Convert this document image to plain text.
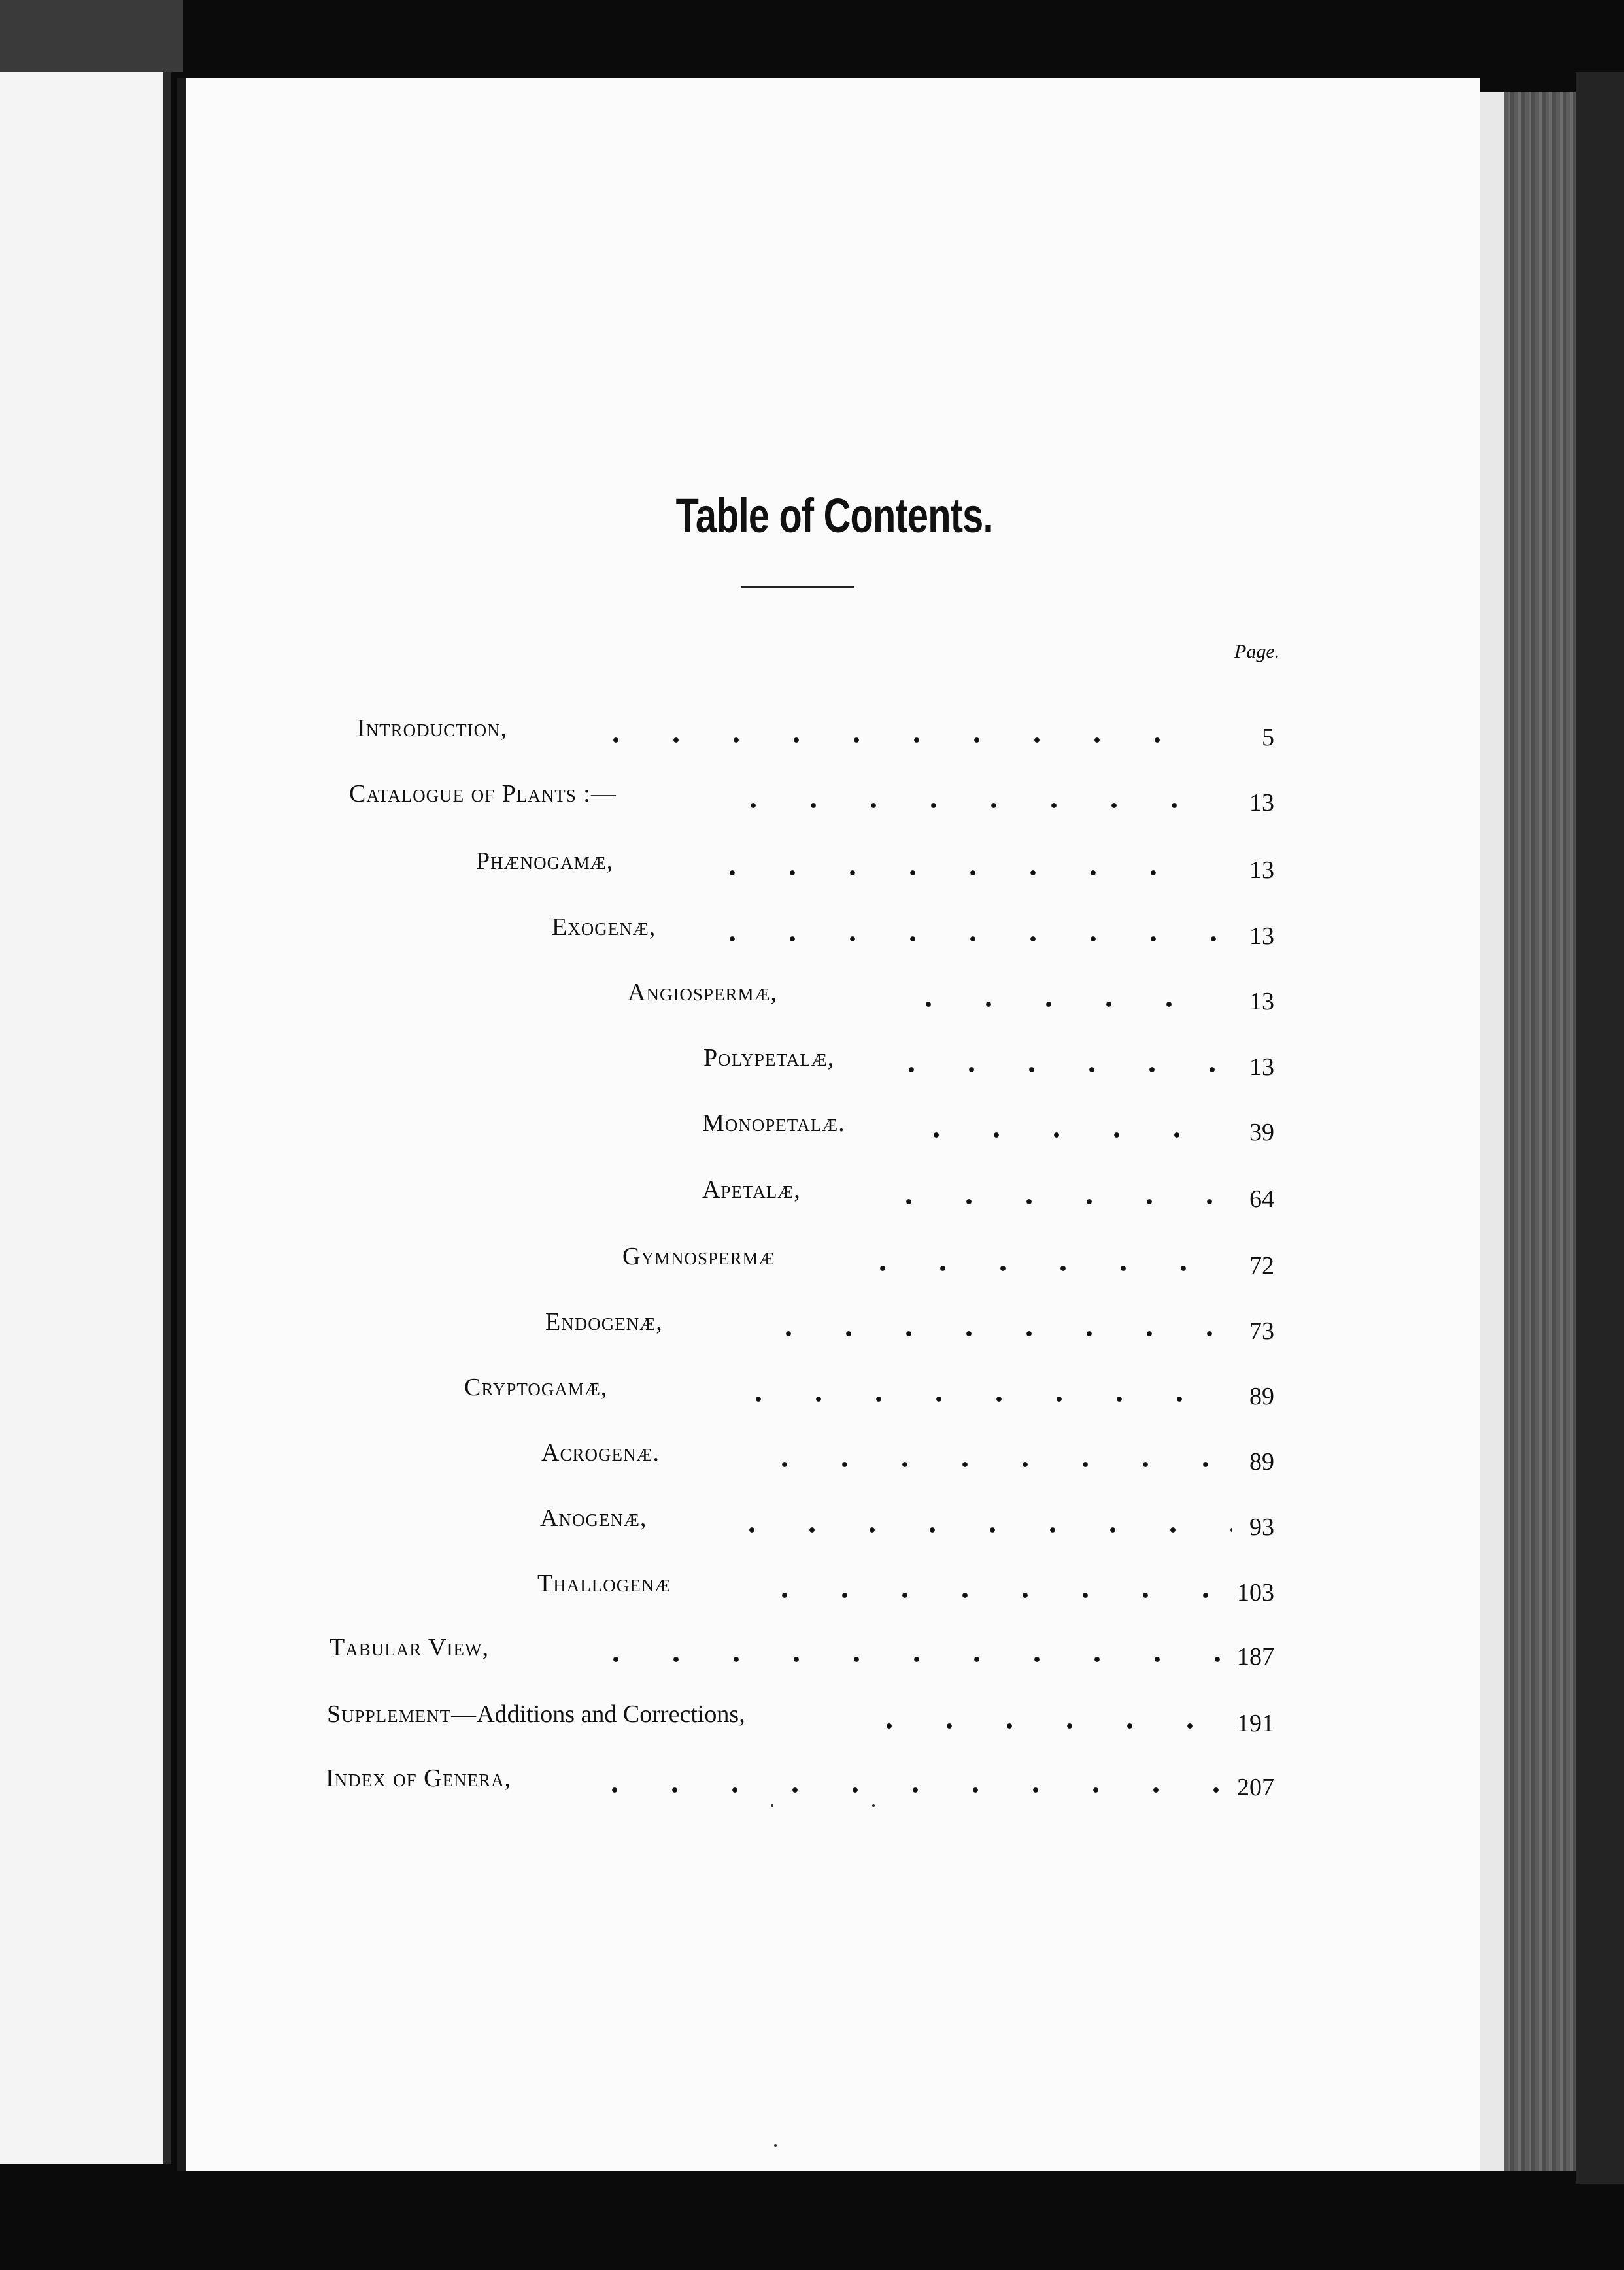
Table of Contents.
Page.
Introduction,	5
Catalogue of Plants :—	13
Phænogamæ,	13
Exogenæ,	13
Angiospermæ,	13
Polypetalæ,	13
Monopetalæ.	39
Apetalæ,	64
Gymnospermæ	72
Endogenæ,	73
Cryptogamæ,	89
Acrogenæ.	89
Anogenæ,	93
Thallogenæ	103
Tabular View,	187
Supplement—Additions and Corrections,	191
Index of Genera,	207
